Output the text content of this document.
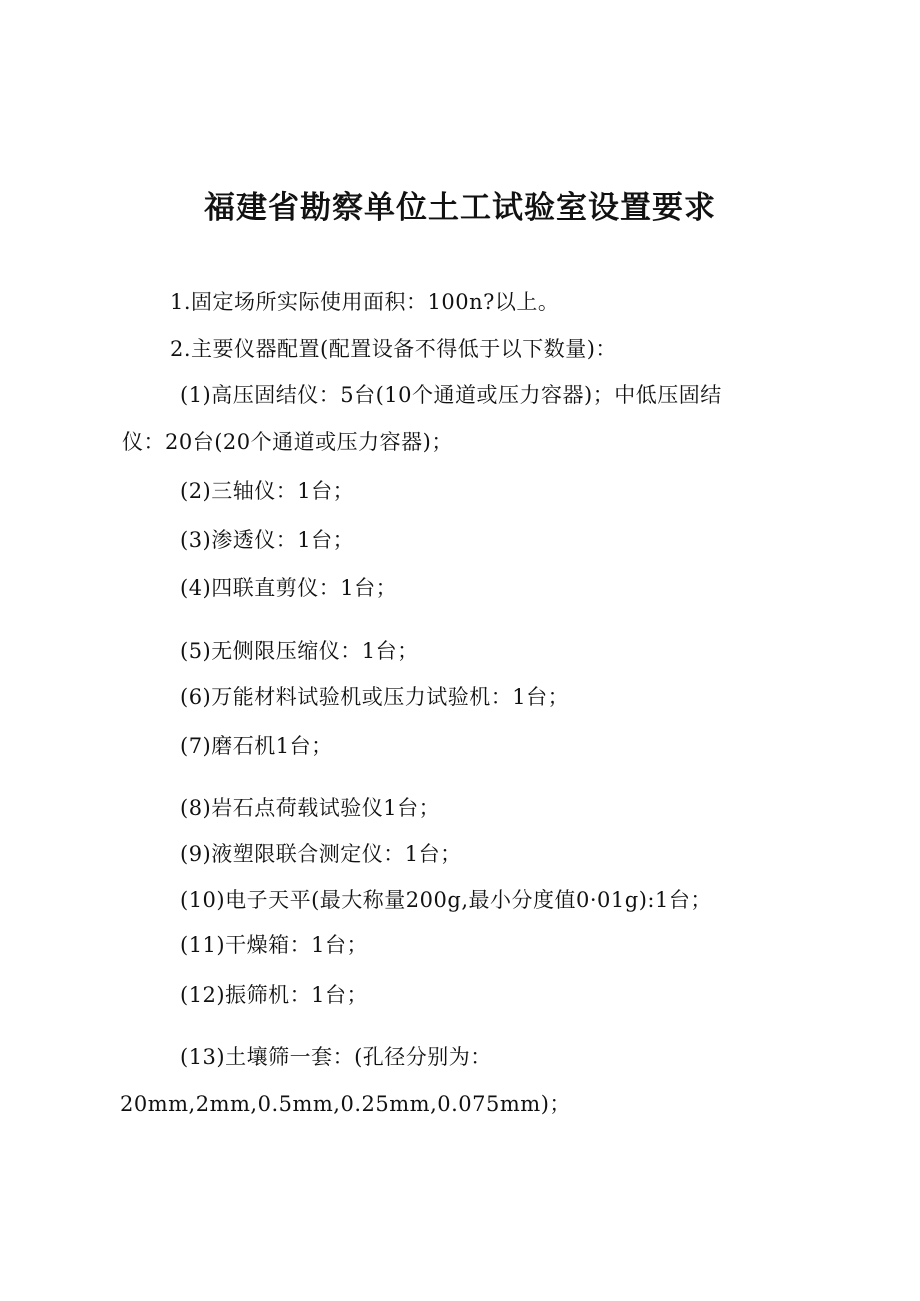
福建省勘察单位土工试验室设置要求
1.固定场所实际使用面积：100n?以上。
2.主要仪器配置(配置设备不得低于以下数量)：
(1)高压固结仪：5台(10个通道或压力容器)；中低压固结
仪：20台(20个通道或压力容器)；
(2)三轴仪：1台；
(3)渗透仪：1台；
(4)四联直剪仪：1台；
(5)无侧限压缩仪：1台；
(6)万能材料试验机或压力试验机：1台；
(7)磨石机1台；
(8)岩石点荷载试验仪1台；
(9)液塑限联合测定仪：1台；
(10)电子天平(最大称量200g,最小分度值0·01g):1台；
(11)干燥箱：1台；
(12)振筛机：1台；
(13)土壤筛一套：(孔径分别为：
20mm,2mm,0.5mm,0.25mm,0.075mm)；
